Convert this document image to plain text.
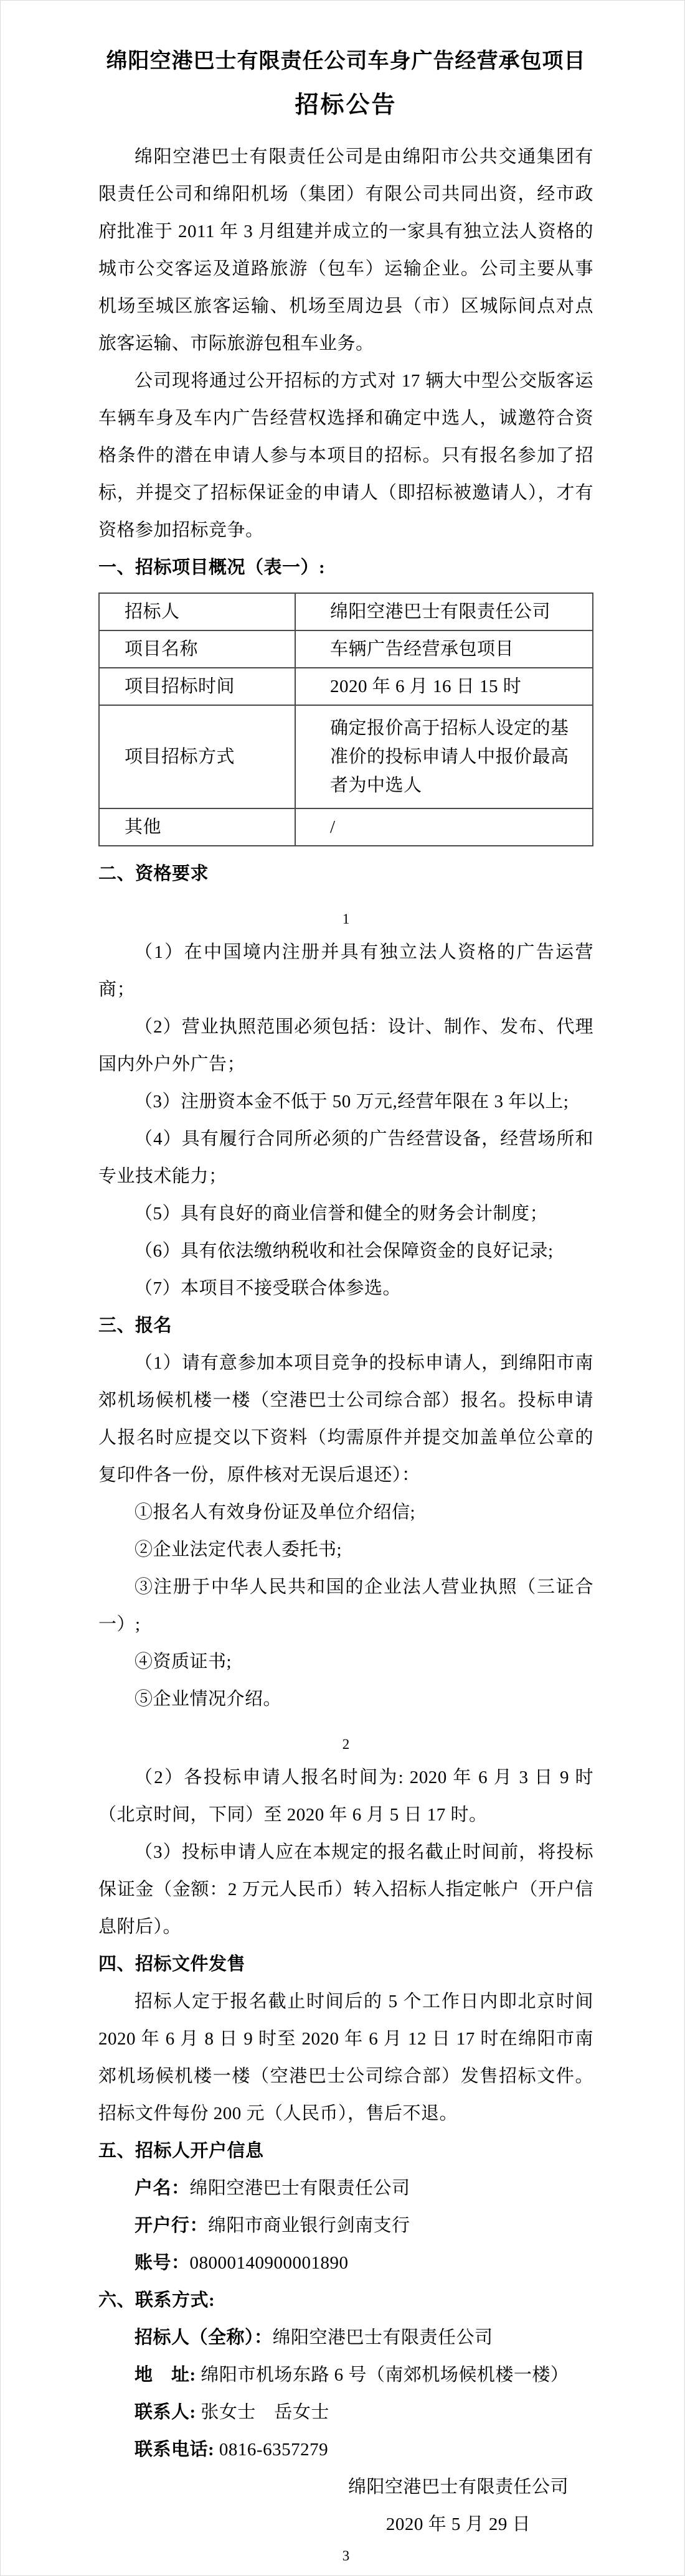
绵阳空港巴士有限责任公司车身广告经营承包项目
招标公告

绵阳空港巴士有限责任公司是由绵阳市公共交通集团有限责任公司和绵阳机场（集团）有限公司共同出资，经市政府批准于 2011 年 3 月组建并成立的一家具有独立法人资格的城市公交客运及道路旅游（包车）运输企业。公司主要从事机场至城区旅客运输、机场至周边县（市）区城际间点对点旅客运输、市际旅游包租车业务。

公司现将通过公开招标的方式对 17 辆大中型公交版客运车辆车身及车内广告经营权选择和确定中选人，诚邀符合资格条件的潜在申请人参与本项目的招标。只有报名参加了招标，并提交了招标保证金的申请人（即招标被邀请人），才有资格参加招标竞争。

一、招标项目概况（表一）:
招标人	绵阳空港巴士有限责任公司
项目名称	车辆广告经营承包项目
项目招标时间	2020 年 6 月 16 日 15 时
项目招标方式	确定报价高于招标人设定的基准价的投标申请人中报价最高者为中选人
其他	/
二、资格要求
1

（1）在中国境内注册并具有独立法人资格的广告运营商；

（2）营业执照范围必须包括：设计、制作、发布、代理国内外户外广告；

（3）注册资本金不低于 50 万元,经营年限在 3 年以上;

（4）具有履行合同所必须的广告经营设备，经营场所和专业技术能力；

（5）具有良好的商业信誉和健全的财务会计制度；

（6）具有依法缴纳税收和社会保障资金的良好记录;

（7）本项目不接受联合体参选。

三、报名

（1）请有意参加本项目竞争的投标申请人，到绵阳市南郊机场候机楼一楼（空港巴士公司综合部）报名。投标申请人报名时应提交以下资料（均需原件并提交加盖单位公章的复印件各一份，原件核对无误后退还）：

①报名人有效身份证及单位介绍信;

②企业法定代表人委托书;

③注册于中华人民共和国的企业法人营业执照（三证合一）;

④资质证书;

⑤企业情况介绍。

2

（2）各投标申请人报名时间为: 2020 年 6 月 3 日 9 时（北京时间，下同）至 2020 年 6 月 5 日 17 时。

（3）投标申请人应在本规定的报名截止时间前，将投标保证金（金额：2 万元人民币）转入招标人指定帐户（开户信息附后）。

四、招标文件发售

招标人定于报名截止时间后的 5 个工作日内即北京时间 2020 年 6 月 8 日 9 时至 2020 年 6 月 12 日 17 时在绵阳市南郊机场候机楼一楼（空港巴士公司综合部）发售招标文件。招标文件每份 200 元（人民币），售后不退。

五、招标人开户信息

户名：绵阳空港巴士有限责任公司

开户行：绵阳市商业银行剑南支行

账号：08000140900001890

六、联系方式:

招标人（全称）：绵阳空港巴士有限责任公司

地　址: 绵阳市机场东路 6 号（南郊机场候机楼一楼）

联系人: 张女士　岳女士

联系电话: 0816-6357279

绵阳空港巴士有限责任公司

2020 年 5 月 29 日

3
